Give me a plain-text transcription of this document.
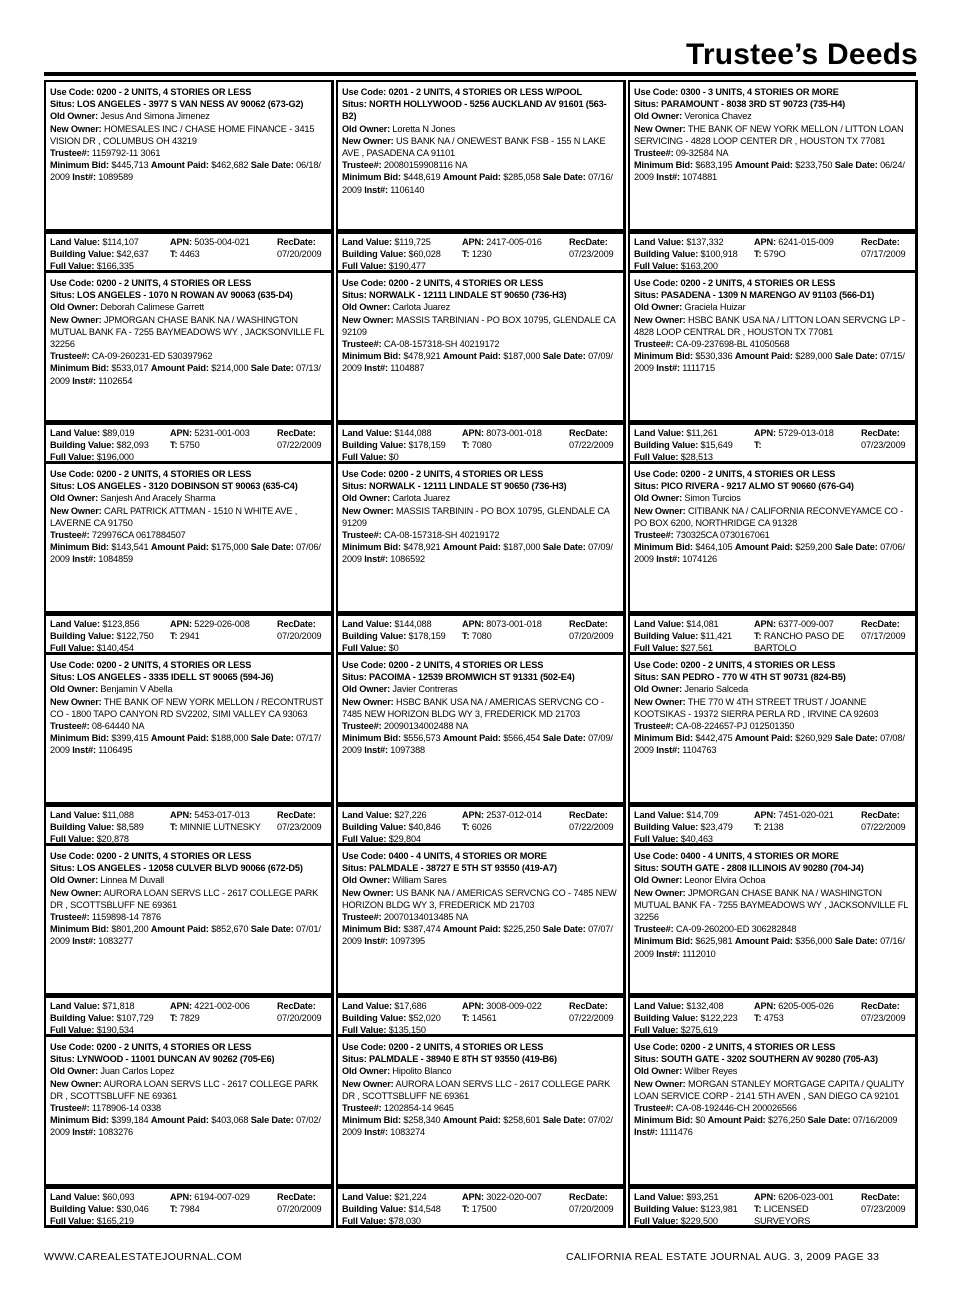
Trustee’s Deeds
Use Code: 0200 - 2 UNITS, 4 STORIES OR LESS
Situs: LOS ANGELES - 3977 S VAN NESS AV 90062 (673-G2)
Old Owner: Jesus And Simona Jimenez
New Owner: HOMESALES INC / CHASE HOME FINANCE - 3415 VISION DR , COLUMBUS OH 43219
Trustee#: 1159792-11 3061
Minimum Bid: $445,713 Amount Paid: $462,682 Sale Date: 06/18/ 2009 Inst#: 1089589
Land Value: $114,107
Building Value: $42,637
Full Value: $166,335
APN: 5035-004-021
T: 4463
RecDate:
07/20/2009
Use Code: 0200 - 2 UNITS, 4 STORIES OR LESS
Situs: LOS ANGELES - 1070 N ROWAN AV 90063 (635-D4)
Old Owner: Deborah Calimese Garrett
New Owner: JPMORGAN CHASE BANK NA / WASHINGTON MUTUAL BANK FA - 7255 BAYMEADOWS WY , JACKSONVILLE FL 32256
Trustee#: CA-09-260231-ED 530397962
Minimum Bid: $533,017 Amount Paid: $214,000 Sale Date: 07/13/ 2009 Inst#: 1102654
Land Value: $89,019
Building Value: $82,093
Full Value: $196,000
APN: 5231-001-003
T: 5750
RecDate:
07/22/2009
Use Code: 0200 - 2 UNITS, 4 STORIES OR LESS
Situs: LOS ANGELES - 3120 DOBINSON ST 90063 (635-C4)
Old Owner: Sanjesh And Aracely Sharma
New Owner: CARL PATRICK ATTMAN - 1510 N WHITE AVE , LAVERNE CA 91750
Trustee#: 729976CA 0617884507
Minimum Bid: $143,541 Amount Paid: $175,000 Sale Date: 07/06/ 2009 Inst#: 1084859
Land Value: $123,856
Building Value: $122,750
Full Value: $140,454
APN: 5229-026-008
T: 2941
RecDate:
07/20/2009
Use Code: 0200 - 2 UNITS, 4 STORIES OR LESS
Situs: LOS ANGELES - 3335 IDELL ST 90065 (594-J6)
Old Owner: Benjamin V Abella
New Owner: THE BANK OF NEW YORK MELLON / RECONTRUST CO - 1800 TAPO CANYON RD SV2202, SIMI VALLEY CA 93063
Trustee#: 08-64440 NA
Minimum Bid: $399,415 Amount Paid: $188,000 Sale Date: 07/17/ 2009 Inst#: 1106495
Land Value: $11,088
Building Value: $8,589
Full Value: $20,878
APN: 5453-017-013
T: MINNIE LUTNESKY
RecDate:
07/23/2009
Use Code: 0200 - 2 UNITS, 4 STORIES OR LESS
Situs: LOS ANGELES - 12058 CULVER BLVD 90066 (672-D5)
Old Owner: Linnea M Duvall
New Owner: AURORA LOAN SERVS LLC - 2617 COLLEGE PARK DR , SCOTTSBLUFF NE 69361
Trustee#: 1159898-14 7876
Minimum Bid: $801,200 Amount Paid: $852,670 Sale Date: 07/01/ 2009 Inst#: 1083277
Land Value: $71,818
Building Value: $107,729
Full Value: $190,534
APN: 4221-002-006
T: 7829
RecDate:
07/20/2009
Use Code: 0200 - 2 UNITS, 4 STORIES OR LESS
Situs: LYNWOOD - 11001 DUNCAN AV 90262 (705-E6)
Old Owner: Juan Carlos Lopez
New Owner: AURORA LOAN SERVS LLC - 2617 COLLEGE PARK DR , SCOTTSBLUFF NE 69361
Trustee#: 1178906-14 0338
Minimum Bid: $399,184 Amount Paid: $403,068 Sale Date: 07/02/ 2009 Inst#: 1083276
Land Value: $60,093
Building Value: $30,046
Full Value: $165,219
APN: 6194-007-029
T: 7984
RecDate:
07/20/2009
Use Code: 0201 - 2 UNITS, 4 STORIES OR LESS W/POOL
Situs: NORTH HOLLYWOOD - 5256 AUCKLAND AV 91601 (563-B2)
Old Owner: Loretta N Jones
New Owner: US BANK NA / ONEWEST BANK FSB - 155 N LAKE AVE , PASADENA CA 91101
Trustee#: 20080159908116 NA
Minimum Bid: $448,619 Amount Paid: $285,058 Sale Date: 07/16/ 2009 Inst#: 1106140
Land Value: $119,725
Building Value: $60,028
Full Value: $190,477
APN: 2417-005-016
T: 1230
RecDate:
07/23/2009
Use Code: 0200 - 2 UNITS, 4 STORIES OR LESS
Situs: NORWALK - 12111 LINDALE ST 90650 (736-H3)
Old Owner: Carlota Juarez
New Owner: MASSIS TARBINIAN - PO BOX 10795, GLENDALE CA 92109
Trustee#: CA-08-157318-SH 40219172
Minimum Bid: $478,921 Amount Paid: $187,000 Sale Date: 07/09/ 2009 Inst#: 1104887
Land Value: $144,088
Building Value: $178,159
Full Value: $0
APN: 8073-001-018
T: 7080
RecDate:
07/22/2009
Use Code: 0200 - 2 UNITS, 4 STORIES OR LESS
Situs: NORWALK - 12111 LINDALE ST 90650 (736-H3)
Old Owner: Carlota Juarez
New Owner: MASSIS TARBININ - PO BOX 10795, GLENDALE CA 91209
Trustee#: CA-08-157318-SH 40219172
Minimum Bid: $478,921 Amount Paid: $187,000 Sale Date: 07/09/ 2009 Inst#: 1086592
Land Value: $144,088
Building Value: $178,159
Full Value: $0
APN: 8073-001-018
T: 7080
RecDate:
07/20/2009
Use Code: 0200 - 2 UNITS, 4 STORIES OR LESS
Situs: PACOIMA - 12539 BROMWICH ST 91331 (502-E4)
Old Owner: Javier Contreras
New Owner: HSBC BANK USA NA / AMERICAS SERVCNG CO - 7485 NEW HORIZON BLDG WY 3, FREDERICK MD 21703
Trustee#: 20090134002488 NA
Minimum Bid: $556,573 Amount Paid: $566,454 Sale Date: 07/09/ 2009 Inst#: 1097388
Land Value: $27,226
Building Value: $40,846
Full Value: $29,804
APN: 2537-012-014
T: 6026
RecDate:
07/22/2009
Use Code: 0400 - 4 UNITS, 4 STORIES OR MORE
Situs: PALMDALE - 38727 E 5TH ST 93550 (419-A7)
Old Owner: William Sares
New Owner: US BANK NA / AMERICAS SERVCNG CO - 7485 NEW HORIZON BLDG WY 3, FREDERICK MD 21703
Trustee#: 20070134013485 NA
Minimum Bid: $387,474 Amount Paid: $225,250 Sale Date: 07/07/ 2009 Inst#: 1097395
Land Value: $17,686
Building Value: $52,020
Full Value: $135,150
APN: 3008-009-022
T: 14561
RecDate:
07/22/2009
Use Code: 0200 - 2 UNITS, 4 STORIES OR LESS
Situs: PALMDALE - 38940 E 8TH ST 93550 (419-B6)
Old Owner: Hipolito Blanco
New Owner: AURORA LOAN SERVS LLC - 2617 COLLEGE PARK DR , SCOTTSBLUFF NE 69361
Trustee#: 1202854-14 9645
Minimum Bid: $258,340 Amount Paid: $258,601 Sale Date: 07/02/ 2009 Inst#: 1083274
Land Value: $21,224
Building Value: $14,548
Full Value: $78,030
APN: 3022-020-007
T: 17500
RecDate:
07/20/2009
Use Code: 0300 - 3 UNITS, 4 STORIES OR MORE
Situs: PARAMOUNT - 8038 3RD ST 90723 (735-H4)
Old Owner: Veronica Chavez
New Owner: THE BANK OF NEW YORK MELLON / LITTON LOAN SERVICING - 4828 LOOP CENTER DR , HOUSTON TX 77081
Trustee#: 09-32584 NA
Minimum Bid: $683,195 Amount Paid: $233,750 Sale Date: 06/24/ 2009 Inst#: 1074881
Land Value: $137,332
Building Value: $100,918
Full Value: $163,200
APN: 6241-015-009
T: 579O
RecDate:
07/17/2009
Use Code: 0200 - 2 UNITS, 4 STORIES OR LESS
Situs: PASADENA - 1309 N MARENGO AV 91103 (566-D1)
Old Owner: Graciela Huizar
New Owner: HSBC BANK USA NA / LITTON LOAN SERVCNG LP - 4828 LOOP CENTRAL DR , HOUSTON TX 77081
Trustee#: CA-09-237698-BL 41050568
Minimum Bid: $530,336 Amount Paid: $289,000 Sale Date: 07/15/ 2009 Inst#: 1111715
Land Value: $11,261
Building Value: $15,649
Full Value: $28,513
APN: 5729-013-018
T:
RecDate:
07/23/2009
Use Code: 0200 - 2 UNITS, 4 STORIES OR LESS
Situs: PICO RIVERA - 9217 ALMO ST 90660 (676-G4)
Old Owner: Simon Turcios
New Owner: CITIBANK NA / CALIFORNIA RECONVEYAMCE CO - PO BOX 6200, NORTHRIDGE CA 91328
Trustee#: 730325CA 0730167061
Minimum Bid: $464,105 Amount Paid: $259,200 Sale Date: 07/06/ 2009 Inst#: 1074126
Land Value: $14,081
Building Value: $11,421
Full Value: $27,561
APN: 6377-009-007
T: RANCHO PASO DE BARTOLO
RecDate:
07/17/2009
Use Code: 0200 - 2 UNITS, 4 STORIES OR LESS
Situs: SAN PEDRO - 770 W 4TH ST 90731 (824-B5)
Old Owner: Jenario Salceda
New Owner: THE 770 W 4TH STREET TRUST / JOANNE KOOTSIKAS - 19372 SIERRA PERLA RD , IRVINE CA 92603
Trustee#: CA-08-224657-PJ 012501350
Minimum Bid: $442,475 Amount Paid: $260,929 Sale Date: 07/08/ 2009 Inst#: 1104763
Land Value: $14,709
Building Value: $23,479
Full Value: $40,463
APN: 7451-020-021
T: 2138
RecDate:
07/22/2009
Use Code: 0400 - 4 UNITS, 4 STORIES OR MORE
Situs: SOUTH GATE - 2808 ILLINOIS AV 90280 (704-J4)
Old Owner: Leonor Elvira Ochoa
New Owner: JPMORGAN CHASE BANK NA / WASHINGTON MUTUAL BANK FA - 7255 BAYMEADOWS WY , JACKSONVILLE FL 32256
Trustee#: CA-09-260200-ED 306282848
Minimum Bid: $625,981 Amount Paid: $356,000 Sale Date: 07/16/ 2009 Inst#: 1112010
Land Value: $132,408
Building Value: $122,223
Full Value: $275,619
APN: 6205-005-026
T: 4753
RecDate:
07/23/2009
Use Code: 0200 - 2 UNITS, 4 STORIES OR LESS
Situs: SOUTH GATE - 3202 SOUTHERN AV 90280 (705-A3)
Old Owner: Wilber Reyes
New Owner: MORGAN STANLEY MORTGAGE CAPITA / QUALITY LOAN SERVICE CORP - 2141 5TH AVEN , SAN DIEGO CA 92101
Trustee#: CA-08-192446-CH 200026566
Minimum Bid: $0 Amount Paid: $276,250 Sale Date: 07/16/2009 Inst#: 1111476
Land Value: $93,251
Building Value: $123,981
Full Value: $229,500
APN: 6206-023-001
T: LICENSED SURVEYORS
RecDate:
07/23/2009
WWW.CAREALESTATEJOURNAL.COM	CALIFORNIA REAL ESTATE JOURNAL AUG. 3, 2009 PAGE 33
